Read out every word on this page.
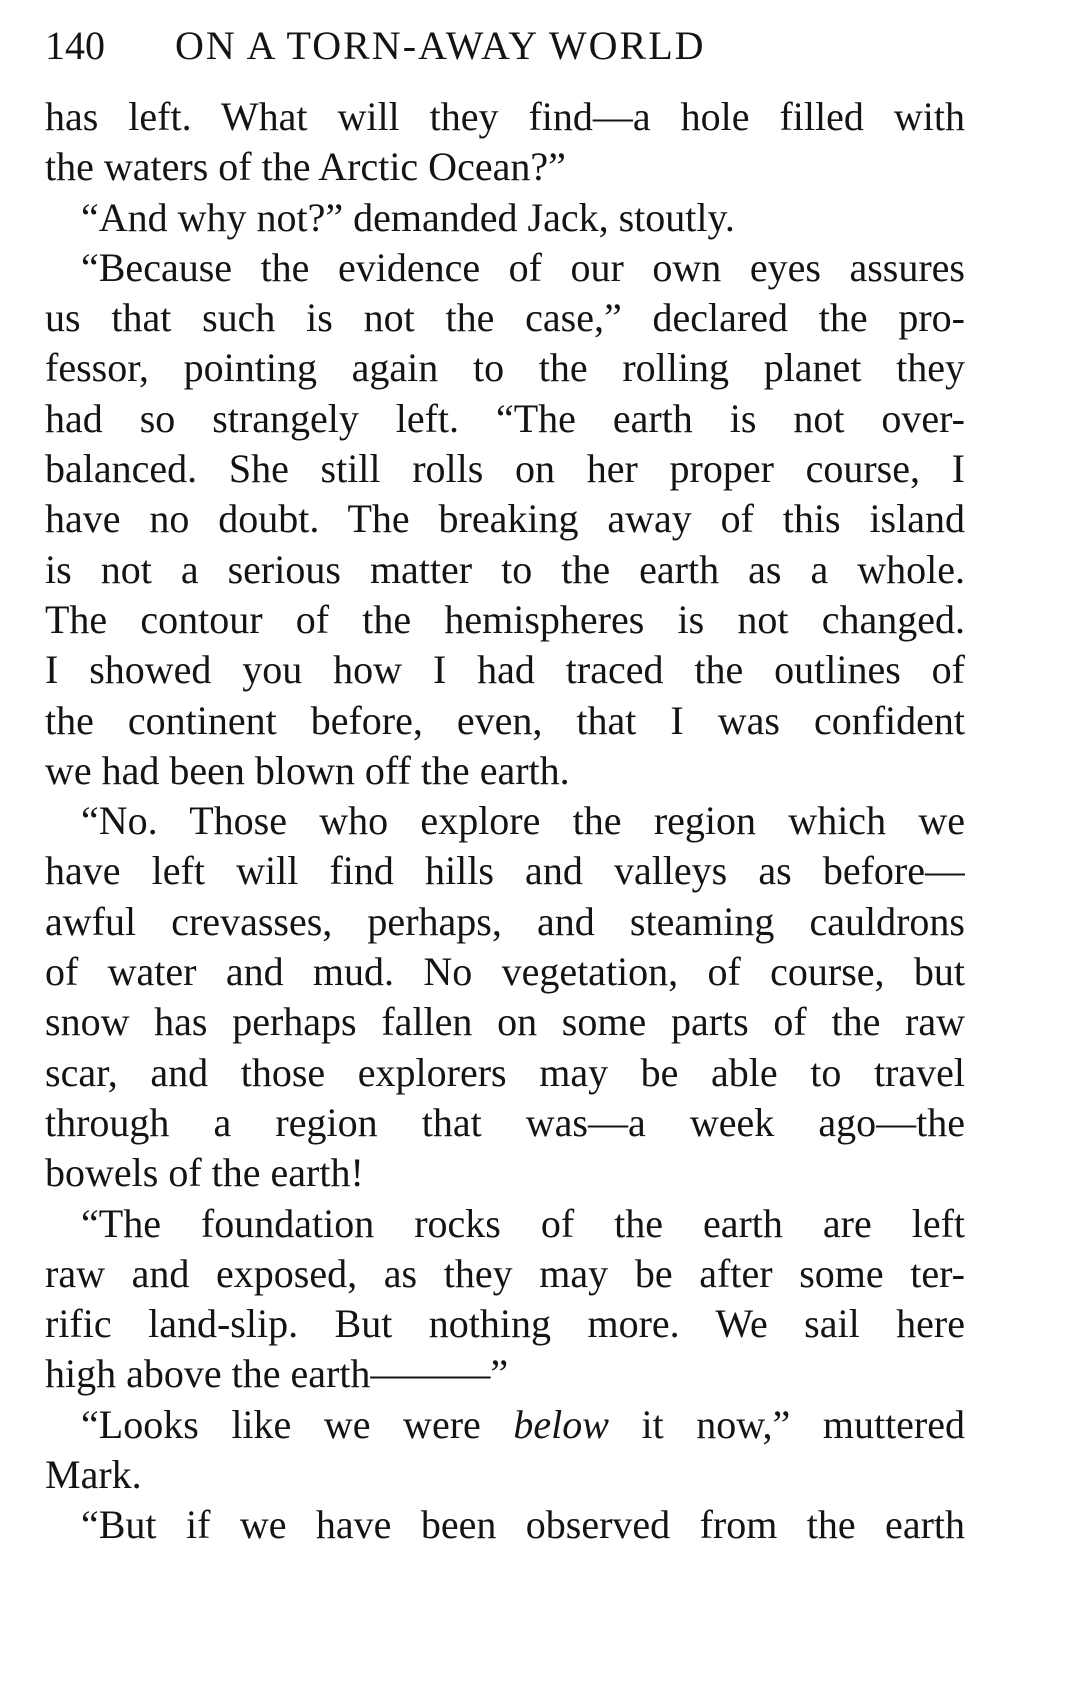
140 ON A TORN-AWAY WORLD
has left. What will they find—a hole filled with
the waters of the Arctic Ocean?”
“And why not?” demanded Jack, stoutly.
“Because the evidence of our own eyes assures
us that such is not the case,” declared the pro-
fessor, pointing again to the rolling planet they
had so strangely left. “The earth is not over-
balanced. She still rolls on her proper course, I
have no doubt. The breaking away of this island
is not a serious matter to the earth as a whole.
The contour of the hemispheres is not changed.
I showed you how I had traced the outlines of
the continent before, even, that I was confident
we had been blown off the earth.
“No. Those who explore the region which we
have left will find hills and valleys as before—
awful crevasses, perhaps, and steaming cauldrons
of water and mud. No vegetation, of course, but
snow has perhaps fallen on some parts of the raw
scar, and those explorers may be able to travel
through a region that was—a week ago—the
bowels of the earth!
“The foundation rocks of the earth are left
raw and exposed, as they may be after some ter-
rific land-slip. But nothing more. We sail here
high above the earth———”
“Looks like we were below it now,” muttered
Mark.
“But if we have been observed from the earth
